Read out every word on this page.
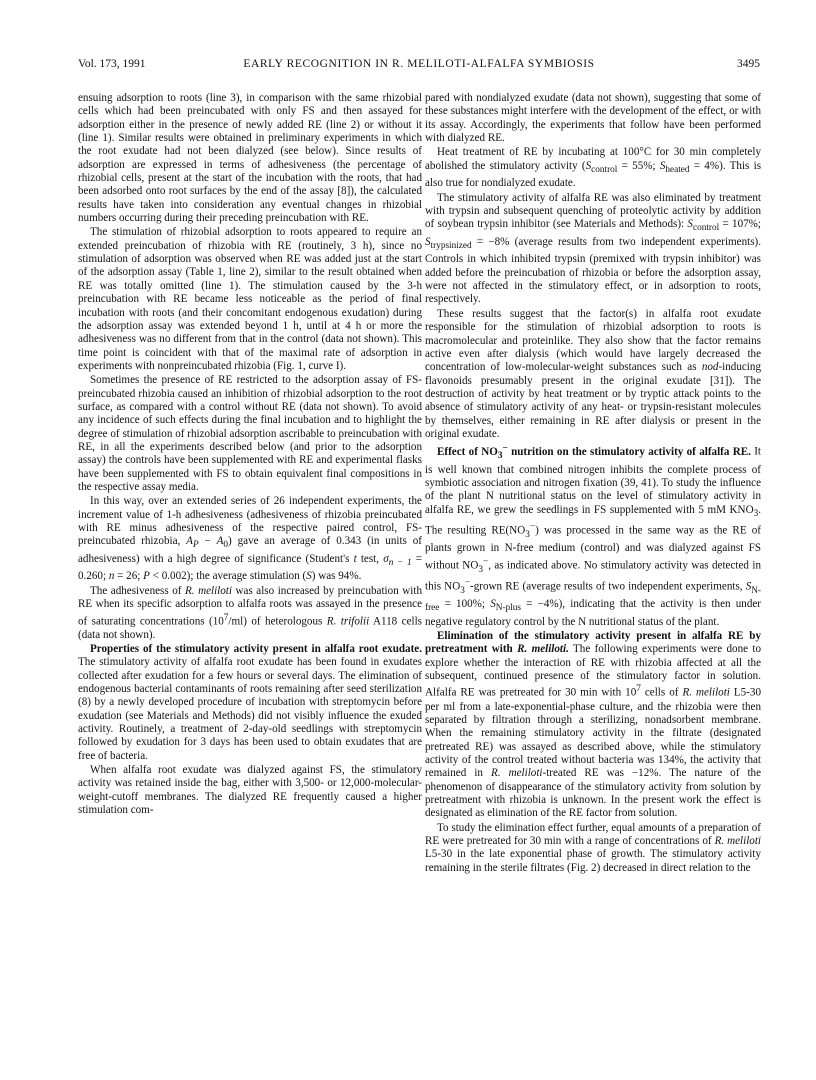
Vol. 173, 1991	EARLY RECOGNITION IN R. MELILOTI-ALFALFA SYMBIOSIS	3495

ensuing adsorption to roots (line 3), in comparison with the same rhizobial cells which had been preincubated with only FS and then assayed for adsorption either in the presence of newly added RE (line 2) or without it (line 1). Similar results were obtained in preliminary experiments in which the root exudate had not been dialyzed (see below). Since results of adsorption are expressed in terms of adhesiveness (the percentage of rhizobial cells, present at the start of the incubation with the roots, that had been adsorbed onto root surfaces by the end of the assay [8]), the calculated results have taken into consideration any eventual changes in rhizobial numbers occurring during their preceding preincubation with RE.

The stimulation of rhizobial adsorption to roots appeared to require an extended preincubation of rhizobia with RE (routinely, 3 h), since no stimulation of adsorption was observed when RE was added just at the start of the adsorption assay (Table 1, line 2), similar to the result obtained when RE was totally omitted (line 1). The stimulation caused by the 3-h preincubation with RE became less noticeable as the period of final incubation with roots (and their concomitant endogenous exudation) during the adsorption assay was extended beyond 1 h, until at 4 h or more the adhesiveness was no different from that in the control (data not shown). This time point is coincident with that of the maximal rate of adsorption in experiments with nonpreincubated rhizobia (Fig. 1, curve I).

Sometimes the presence of RE restricted to the adsorption assay of FS-preincubated rhizobia caused an inhibition of rhizobial adsorption to the root surface, as compared with a control without RE (data not shown). To avoid any incidence of such effects during the final incubation and to highlight the degree of stimulation of rhizobial adsorption ascribable to preincubation with RE, in all the experiments described below (and prior to the adsorption assay) the controls have been supplemented with RE and experimental flasks have been supplemented with FS to obtain equivalent final compositions in the respective assay media.

In this way, over an extended series of 26 independent experiments, the increment value of 1-h adhesiveness (adhesiveness of rhizobia preincubated with RE minus adhesiveness of the respective paired control, FS-preincubated rhizobia, $A_P - A_0$) gave an average of 0.343 (in units of adhesiveness) with a high degree of significance (Student's t test, $\sigma_{n - 1} = 0.260$; n = 26; P < 0.002); the average stimulation (S) was 94%.

The adhesiveness of R. meliloti was also increased by preincubation with RE when its specific adsorption to alfalfa roots was assayed in the presence of saturating concentrations $(10^7/ml)$ of heterologous R. trifolii A118 cells (data not shown).

Properties of the stimulatory activity present in alfalfa root exudate. The stimulatory activity of alfalfa root exudate has been found in exudates collected after exudation for a few hours or several days. The elimination of endogenous bacterial contaminants of roots remaining after seed sterilization (8) by a newly developed procedure of incubation with streptomycin before exudation (see Materials and Methods) did not visibly influence the exuded activity. Routinely, a treatment of 2-day-old seedlings with streptomycin followed by exudation for 3 days has been used to obtain exudates that are free of bacteria.

When alfalfa root exudate was dialyzed against FS, the stimulatory activity was retained inside the bag, either with 3,500- or 12,000-molecular-weight-cutoff membranes. The dialyzed RE frequently caused a higher stimulation com-

pared with nondialyzed exudate (data not shown), suggesting that some of these substances might interfere with the development of the effect, or with its assay. Accordingly, the experiments that follow have been performed with dialyzed RE.

Heat treatment of RE by incubating at 100°C for 30 min completely abolished the stimulatory activity ($S_{control} = 55\%$; $S_{heated} = 4\%$). This is also true for nondialyzed exudate.

The stimulatory activity of alfalfa RE was also eliminated by treatment with trypsin and subsequent quenching of proteolytic activity by addition of soybean trypsin inhibitor (see Materials and Methods): $S_{control} = 107\%$; $S_{trypsinized} = -8\%$ (average results from two independent experiments). Controls in which inhibited trypsin (premixed with trypsin inhibitor) was added before the preincubation of rhizobia or before the adsorption assay, were not affected in the stimulatory effect, or in adsorption to roots, respectively.

These results suggest that the factor(s) in alfalfa root exudate responsible for the stimulation of rhizobial adsorption to roots is macromolecular and proteinlike. They also show that the factor remains active even after dialysis (which would have largely decreased the concentration of low-molecular-weight substances such as nod-inducing flavonoids presumably present in the original exudate [31]). The destruction of activity by heat treatment or by tryptic attack points to the absence of stimulatory activity of any heat- or trypsin-resistant molecules by themselves, either remaining in RE after dialysis or present in the original exudate.

Effect of $NO_3^-$ nutrition on the stimulatory activity of alfalfa RE. It is well known that combined nitrogen inhibits the complete process of symbiotic association and nitrogen fixation (39, 41). To study the influence of the plant N nutritional status on the level of stimulatory activity in alfalfa RE, we grew the seedlings in FS supplemented with 5 mM $KNO_3$. The resulting $RE(NO_3^-)$ was processed in the same way as the RE of plants grown in N-free medium (control) and was dialyzed against FS without $NO_3^-$, as indicated above. No stimulatory activity was detected in this $NO_3^-$-grown RE (average results of two independent experiments, $S_{N-free} = 100\%$; $S_{N-plus} = -4\%$), indicating that the activity is then under negative regulatory control by the N nutritional status of the plant.

Elimination of the stimulatory activity present in alfalfa RE by pretreatment with R. meliloti. The following experiments were done to explore whether the interaction of RE with rhizobia affected at all the subsequent, continued presence of the stimulatory factor in solution. Alfalfa RE was pretreated for 30 min with $10^7$ cells of R. meliloti L5-30 per ml from a late-exponential-phase culture, and the rhizobia were then separated by filtration through a sterilizing, nonadsorbent membrane. When the remaining stimulatory activity in the filtrate (designated pretreated RE) was assayed as described above, while the stimulatory activity of the control treated without bacteria was 134%, the activity that remained in R. meliloti-treated RE was −12%. The nature of the phenomenon of disappearance of the stimulatory activity from solution by pretreatment with rhizobia is unknown. In the present work the effect is designated as elimination of the RE factor from solution.

To study the elimination effect further, equal amounts of a preparation of RE were pretreated for 30 min with a range of concentrations of R. meliloti L5-30 in the late exponential phase of growth. The stimulatory activity remaining in the sterile filtrates (Fig. 2) decreased in direct relation to the
